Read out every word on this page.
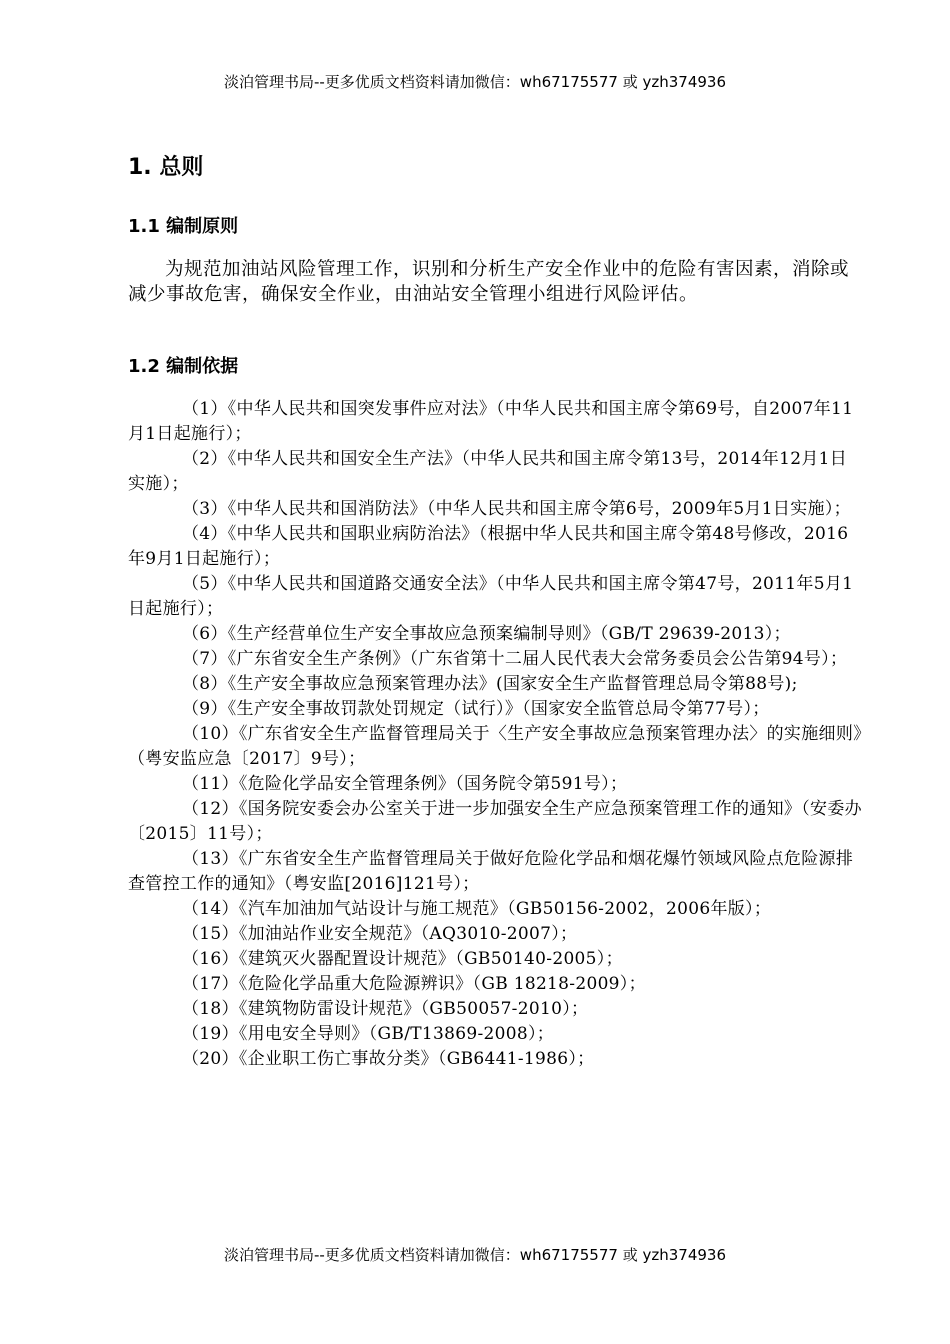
淡泊管理书局--更多优质文档资料请加微信：wh67175577 或 yzh374936
1. 总则
1.1 编制原则
为规范加油站风险管理工作，识别和分析生产安全作业中的危险有害因素，消除或减少事故危害，确保安全作业，由油站安全管理小组进行风险评估。
1.2 编制依据
（1）《中华人民共和国突发事件应对法》（中华人民共和国主席令第69号，自2007年11月1日起施行）；
（2）《中华人民共和国安全生产法》（中华人民共和国主席令第13号，2014年12月1日实施）；
（3）《中华人民共和国消防法》（中华人民共和国主席令第6号，2009年5月1日实施）；
（4）《中华人民共和国职业病防治法》（根据中华人民共和国主席令第48号修改，2016年9月1日起施行）；
（5）《中华人民共和国道路交通安全法》（中华人民共和国主席令第47号，2011年5月1日起施行）；
（6）《生产经营单位生产安全事故应急预案编制导则》（GB/T 29639-2013）；
（7）《广东省安全生产条例》（广东省第十二届人民代表大会常务委员会公告第94号）；
（8）《生产安全事故应急预案管理办法》(国家安全生产监督管理总局令第88号);
（9）《生产安全事故罚款处罚规定（试行）》（国家安全监管总局令第77号）；
（10）《广东省安全生产监督管理局关于〈生产安全事故应急预案管理办法〉的实施细则》（粤安监应急〔2017〕9号）；
（11）《危险化学品安全管理条例》（国务院令第591号）；
（12）《国务院安委会办公室关于进一步加强安全生产应急预案管理工作的通知》（安委办〔2015〕11号）；
（13）《广东省安全生产监督管理局关于做好危险化学品和烟花爆竹领域风险点危险源排查管控工作的通知》（粤安监[2016]121号）；
（14）《汽车加油加气站设计与施工规范》（GB50156-2002，2006年版）；
（15）《加油站作业安全规范》（AQ3010-2007）；
（16）《建筑灭火器配置设计规范》（GB50140-2005）；
（17）《危险化学品重大危险源辨识》（GB 18218-2009）；
（18）《建筑物防雷设计规范》（GB50057-2010）；
（19）《用电安全导则》（GB/T13869-2008）；
（20）《企业职工伤亡事故分类》（GB6441-1986）；
淡泊管理书局--更多优质文档资料请加微信：wh67175577 或 yzh374936
